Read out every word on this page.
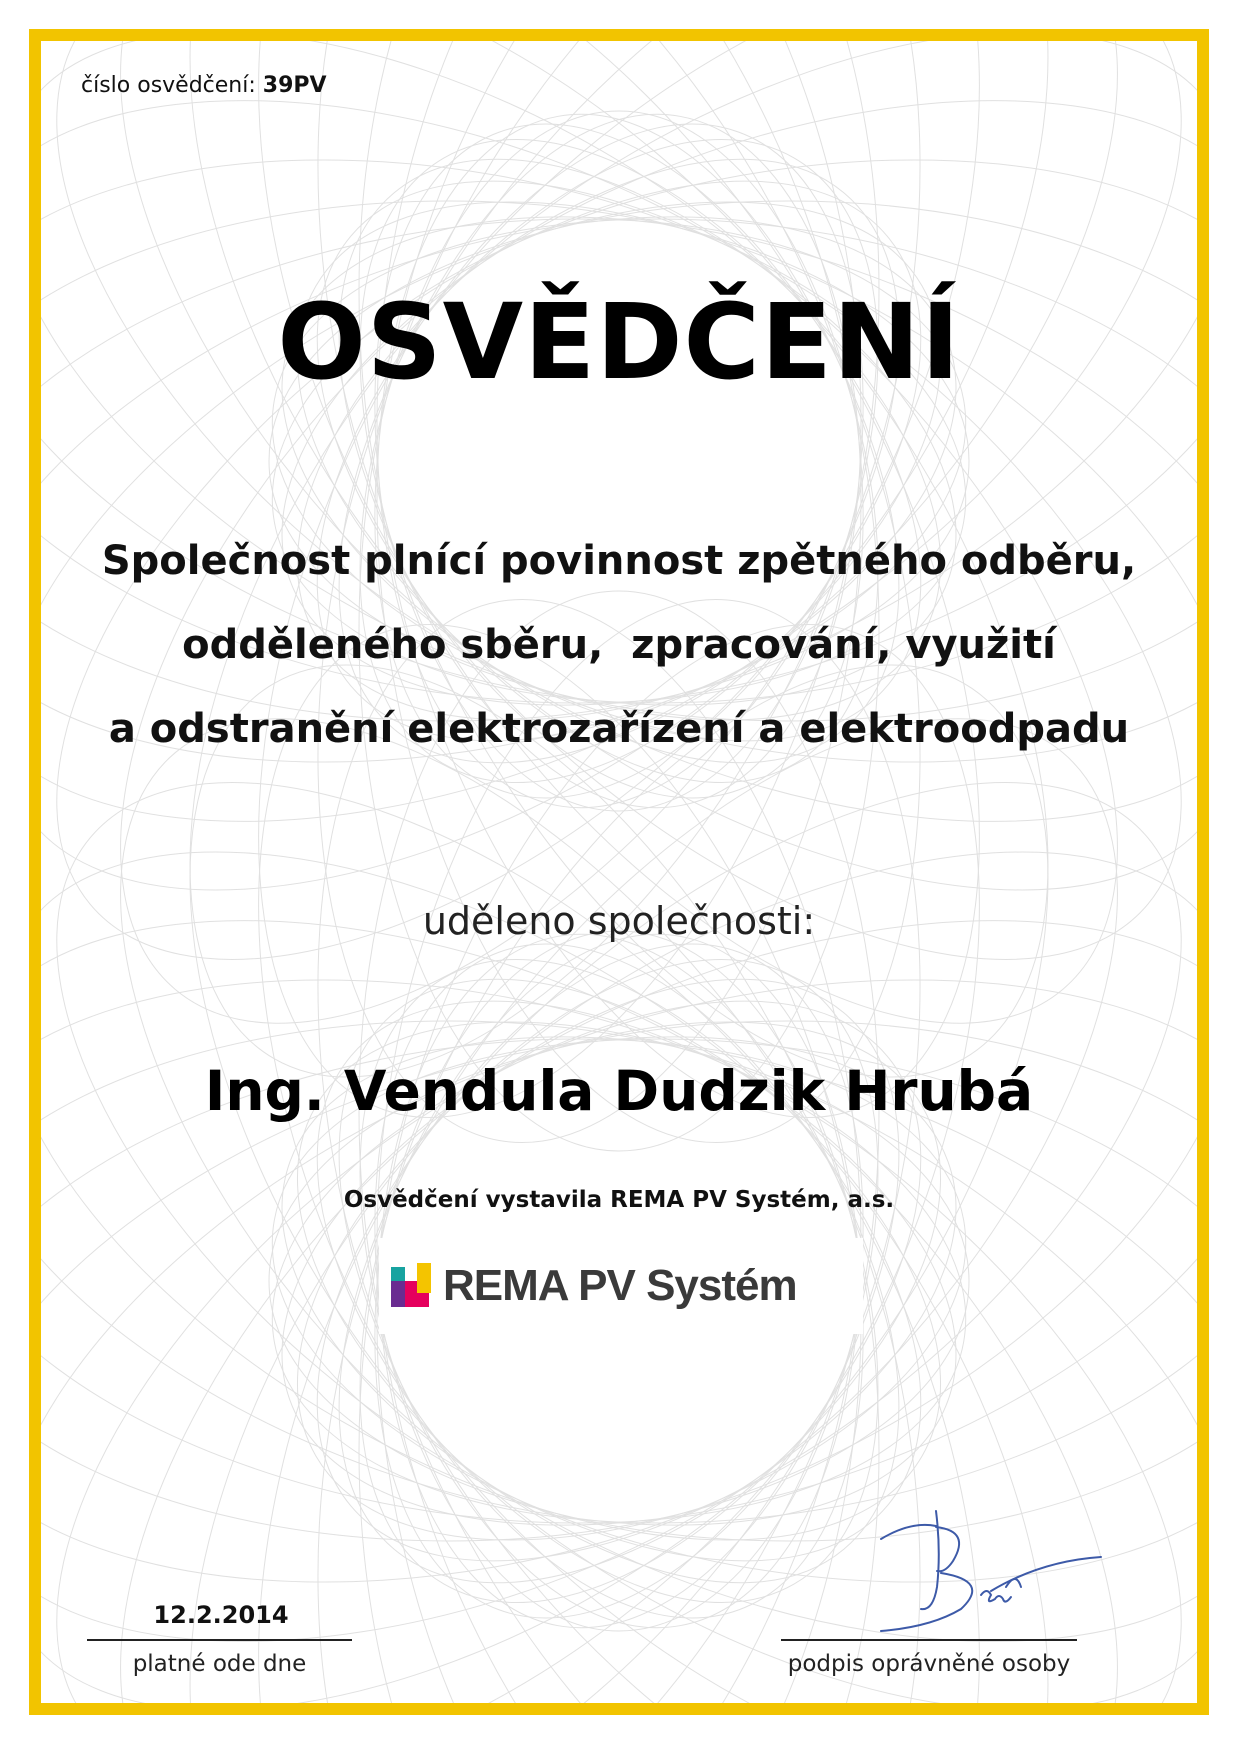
číslo osvědčení: 39PV
OSVĚDČENÍ
Společnost plnící povinnost zpětného odběru,
odděleného sběru,  zpracování, využití
a odstranění elektrozařízení a elektroodpadu
uděleno společnosti:
Ing. Vendula Dudzik Hrubá
Osvědčení vystavila REMA PV Systém, a.s.
REMA PV Systém
12.2.2014
platné ode dne	podpis oprávněné osoby
